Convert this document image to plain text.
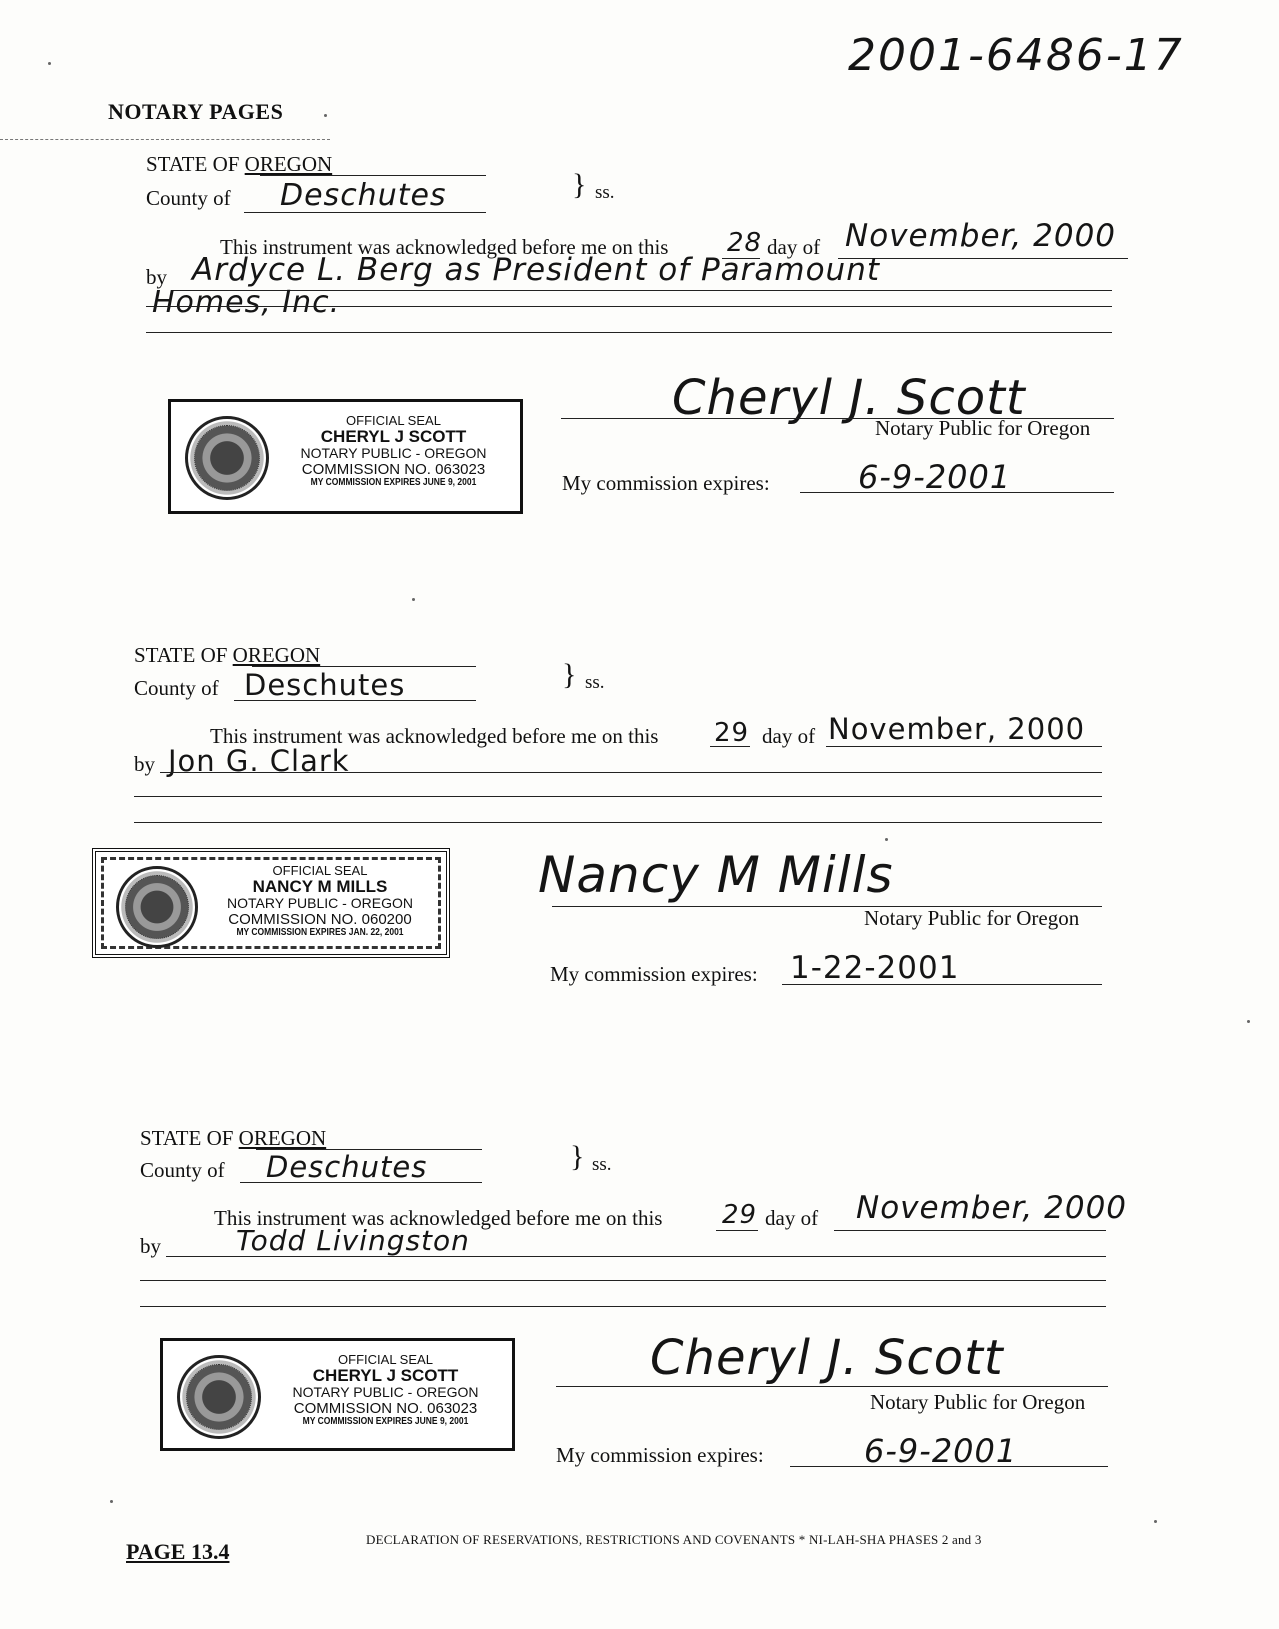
2001-6486-17
NOTARY PAGES
STATE OF OREGON
County of Deschutes	} ss.
This instrument was acknowledged before me on this 28 day of November, 2000
by Ardyce L. Berg as President of Paramount
Homes, Inc.
OFFICIAL SEAL
CHERYL J SCOTT
NOTARY PUBLIC - OREGON
COMMISSION NO. 063023
MY COMMISSION EXPIRES JUNE 9, 2001
Cheryl J. Scott
Notary Public for Oregon
My commission expires:	6-9-2001
STATE OF OREGON
County of Deschutes	} ss.
This instrument was acknowledged before me on this 29 day of November, 2000
by Jon G. Clark
OFFICIAL SEAL
NANCY M MILLS
NOTARY PUBLIC - OREGON
COMMISSION NO. 060200
MY COMMISSION EXPIRES JAN. 22, 2001
Nancy M Mills
Notary Public for Oregon
My commission expires: 1-22-2001
STATE OF OREGON
County of Deschutes	} ss.
This instrument was acknowledged before me on this 29 day of November, 2000
by	Todd Livingston
OFFICIAL SEAL
CHERYL J SCOTT
NOTARY PUBLIC - OREGON
COMMISSION NO. 063023
MY COMMISSION EXPIRES JUNE 9, 2001
Cheryl J. Scott
Notary Public for Oregon
My commission expires:	6-9-2001
PAGE 13.4	DECLARATION OF RESERVATIONS, RESTRICTIONS AND COVENANTS * NI-LAH-SHA PHASES 2 and 3
